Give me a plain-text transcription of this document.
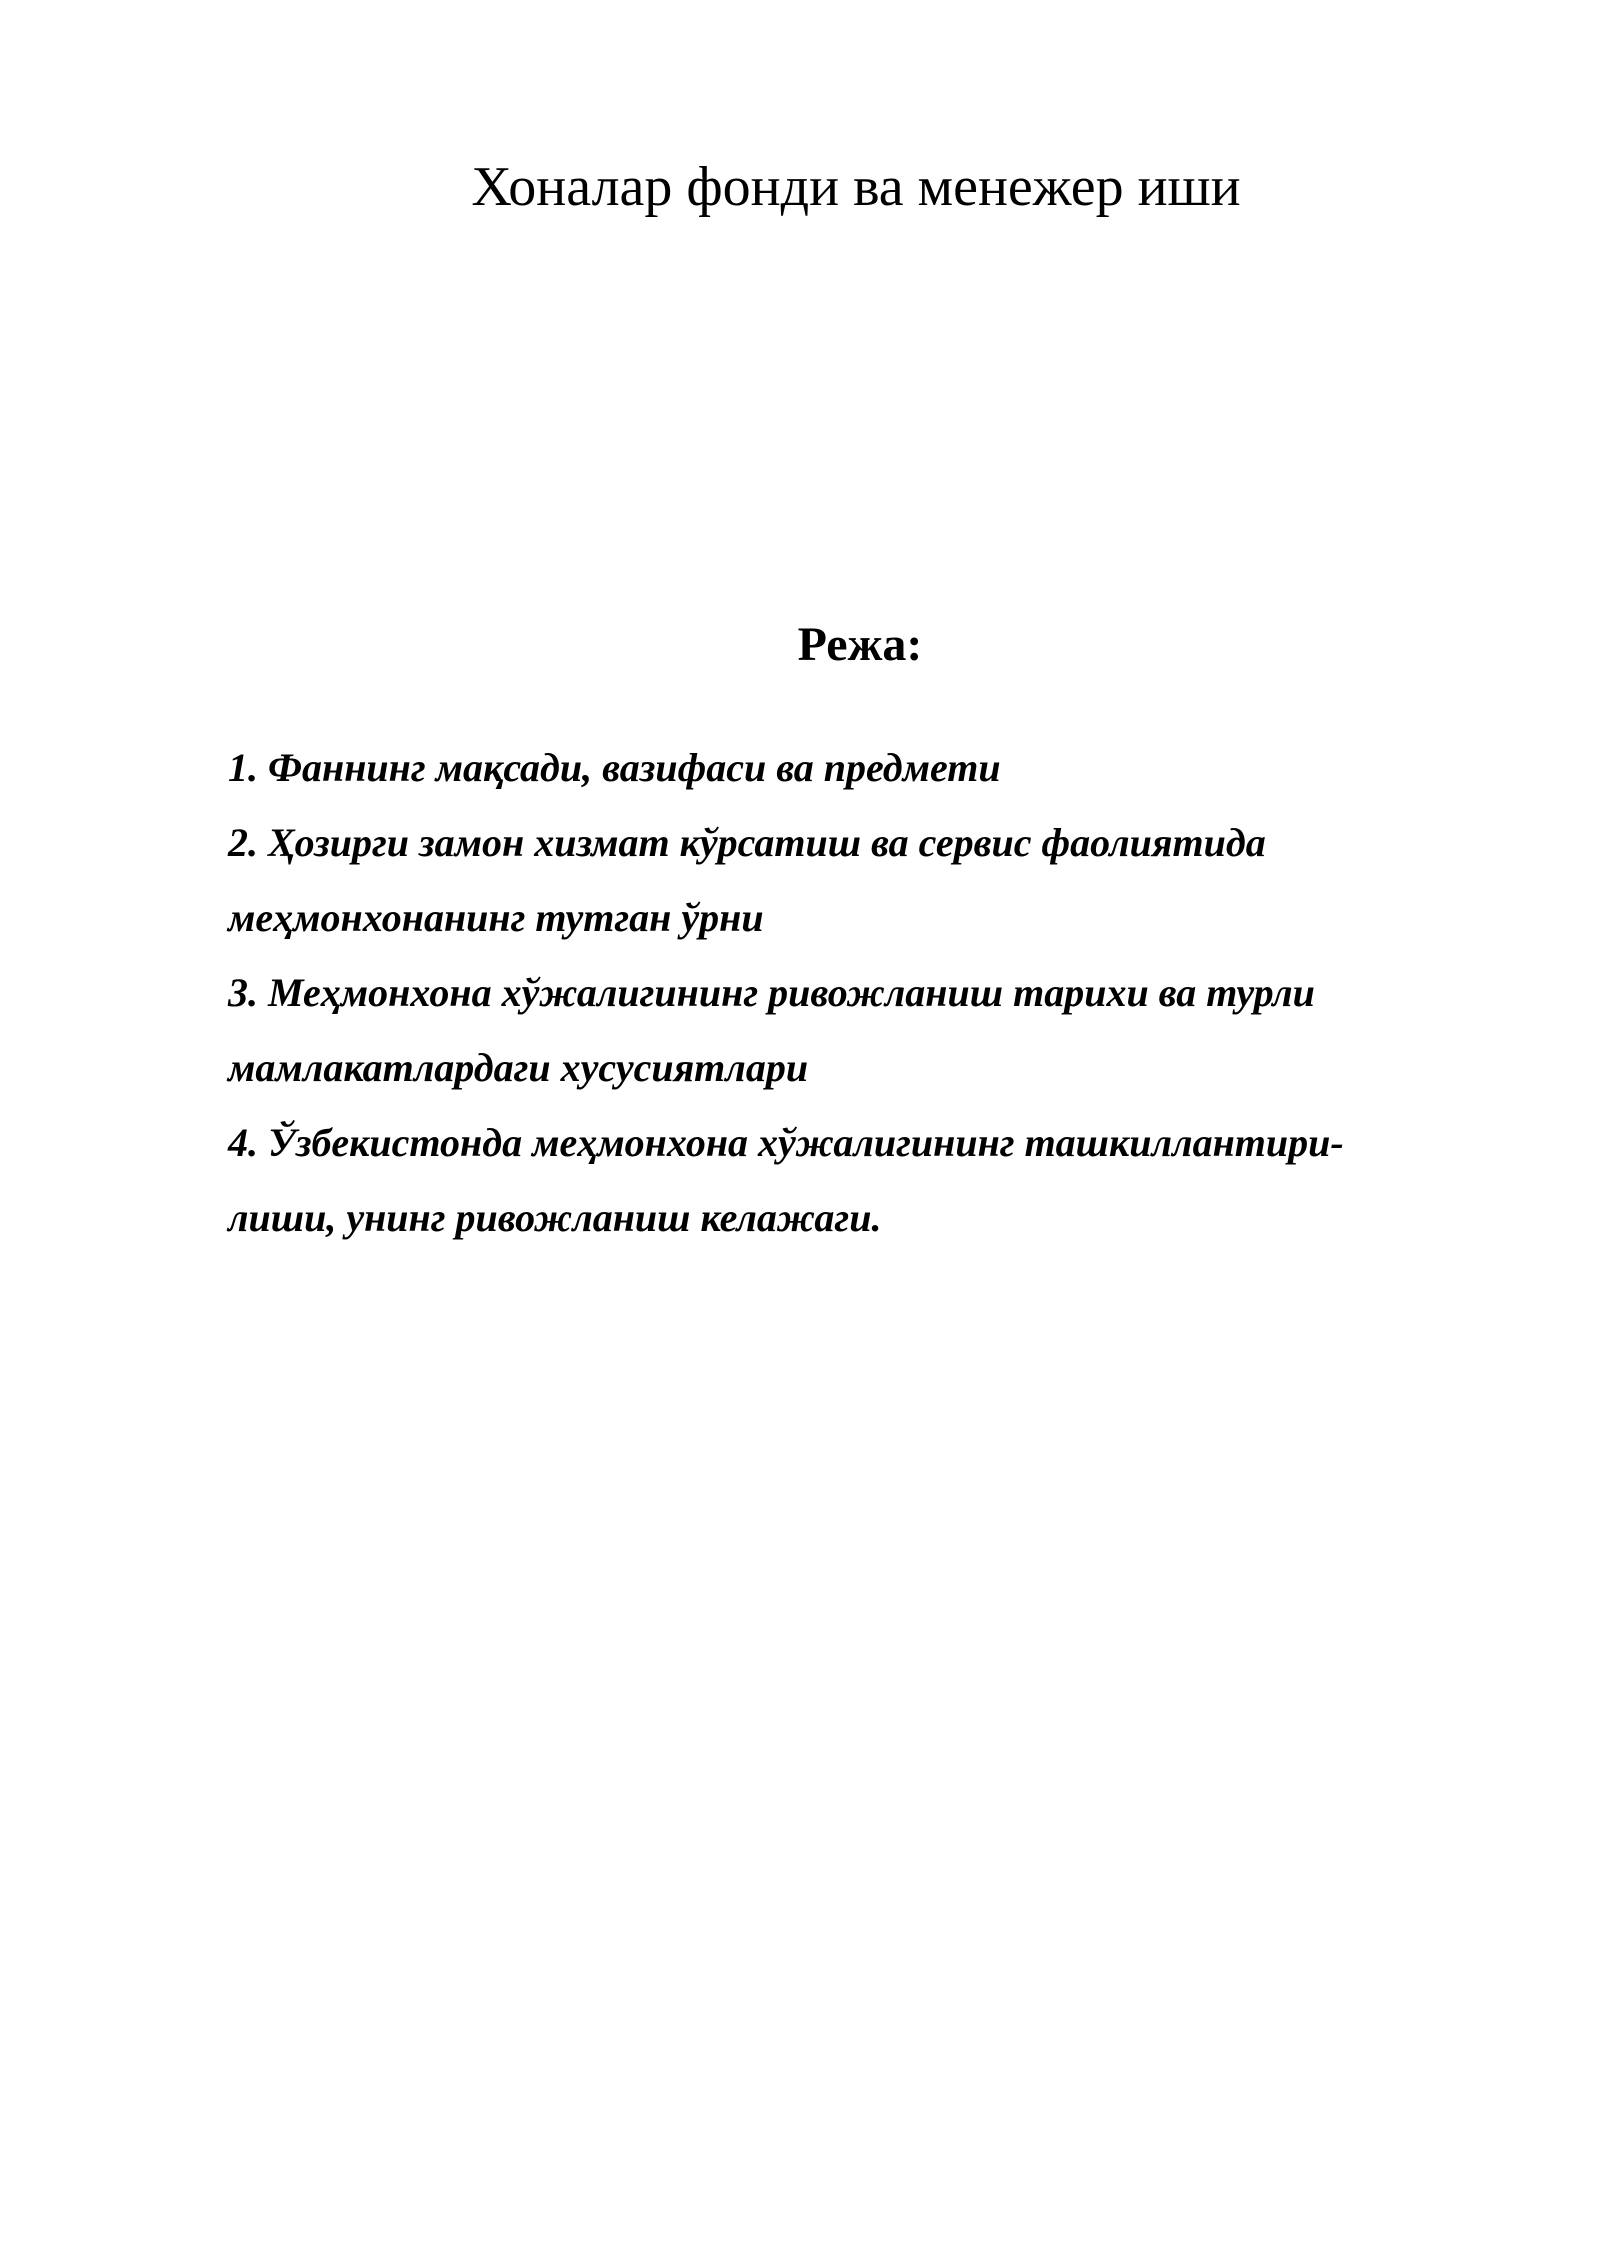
Хоналар фонди ва менежер иши
Режа:
1. Фаннинг мақсади, вазифаси ва предмети
2. Ҳозирги замон хизмат кўрсатиш ва сервис фаолиятида
меҳмонхонанинг тутган ўрни
3. Меҳмонхона хўжалигининг ривожланиш тарихи ва турли
мамлакатлардаги хусусиятлари
4. Ўзбекистонда меҳмонхона хўжалигининг ташкиллантири-
лиши, унинг ривожланиш келажаги.
